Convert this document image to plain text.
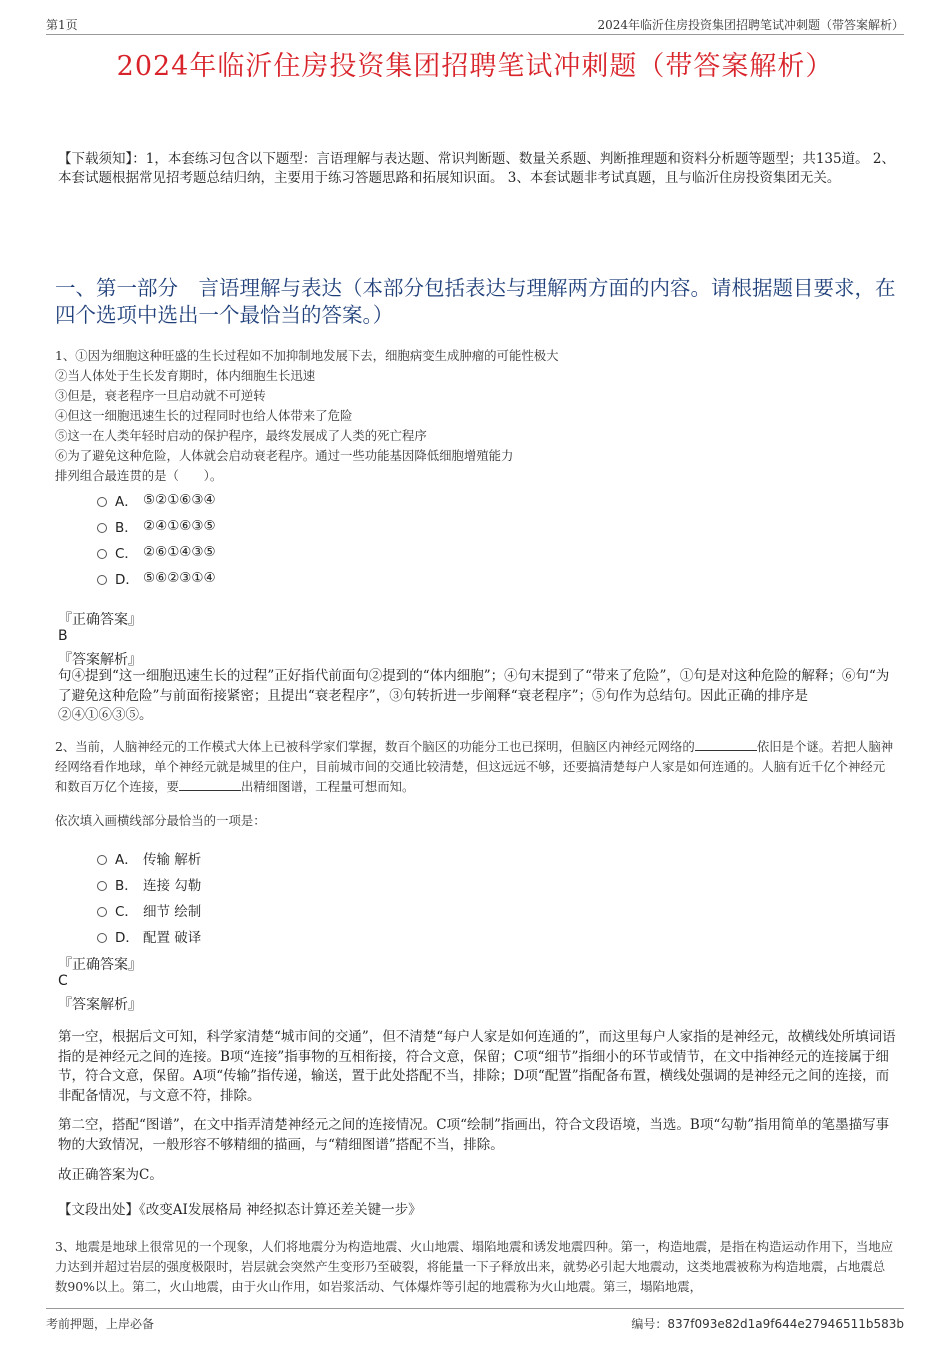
第1页	2024年临沂住房投资集团招聘笔试冲刺题（带答案解析）
2024年临沂住房投资集团招聘笔试冲刺题（带答案解析）
【下载须知】：1，本套练习包含以下题型：言语理解与表达题、常识判断题、数量关系题、判断推理题和资料分析题等题型；共135道。 2、本套试题根据常见招考题总结归纳，主要用于练习答题思路和拓展知识面。 3、本套试题非考试真题，且与临沂住房投资集团无关。
一、第一部分　言语理解与表达（本部分包括表达与理解两方面的内容。请根据题目要求，在四个选项中选出一个最恰当的答案。）

1、①因为细胞这种旺盛的生长过程如不加抑制地发展下去，细胞病变生成肿瘤的可能性极大

②当人体处于生长发育期时，体内细胞生长迅速

③但是，衰老程序一旦启动就不可逆转

④但这一细胞迅速生长的过程同时也给人体带来了危险

⑤这一在人类年轻时启动的保护程序，最终发展成了人类的死亡程序

⑥为了避免这种危险，人体就会启动衰老程序。通过一些功能基因降低细胞增殖能力

排列组合最连贯的是（　　）。

A． ⑤②①⑥③④
B． ②④①⑥③⑤
C． ②⑥①④③⑤
D． ⑤⑥②③①④
『正确答案』
B
『答案解析』
句④提到“这一细胞迅速生长的过程”正好指代前面句②提到的“体内细胞”；④句末提到了“带来了危险”，①句是对这种危险的解释；⑥句“为了避免这种危险”与前面衔接紧密；且提出“衰老程序”，③句转折进一步阐释“衰老程序”；⑤句作为总结句。因此正确的排序是②④①⑥③⑤。
2、当前，人脑神经元的工作模式大体上已被科学家们掌握，数百个脑区的功能分工也已探明，但脑区内神经元网络的	依旧是个谜。若把人脑神经网络看作地球，单个神经元就是城里的住户，目前城市间的交通比较清楚，但这远远不够，还要搞清楚每户人家是如何连通的。人脑有近千亿个神经元和数百万亿个连接，要	出精细图谱，工程量可想而知。
依次填入画横线部分最恰当的一项是：
A． 传输 解析
B． 连接 勾勒
C． 细节 绘制
D． 配置 破译
『正确答案』
C
『答案解析』
第一空，根据后文可知，科学家清楚“城市间的交通”，但不清楚“每户人家是如何连通的”，而这里每户人家指的是神经元，故横线处所填词语指的是神经元之间的连接。B项“连接”指事物的互相衔接，符合文意，保留；C项“细节”指细小的环节或情节，在文中指神经元的连接属于细节，符合文意，保留。A项“传输”指传递，输送，置于此处搭配不当，排除；D项“配置”指配备布置，横线处强调的是神经元之间的连接，而非配备情况，与文意不符，排除。
第二空，搭配“图谱”，在文中指弄清楚神经元之间的连接情况。C项“绘制”指画出，符合文段语境，当选。B项“勾勒”指用简单的笔墨描写事物的大致情况，一般形容不够精细的描画，与“精细图谱”搭配不当，排除。
故正确答案为C。
【文段出处】《改变AI发展格局 神经拟态计算还差关键一步》
3、地震是地球上很常见的一个现象，人们将地震分为构造地震、火山地震、塌陷地震和诱发地震四种。第一，构造地震，是指在构造运动作用下，当地应力达到并超过岩层的强度极限时，岩层就会突然产生变形乃至破裂，将能量一下子释放出来，就势必引起大地震动，这类地震被称为构造地震，占地震总数90%以上。第二，火山地震，由于火山作用，如岩浆活动、气体爆炸等引起的地震称为火山地震。第三，塌陷地震，
考前押题，上岸必备	编号：837f093e82d1a9f644e27946511b583b
